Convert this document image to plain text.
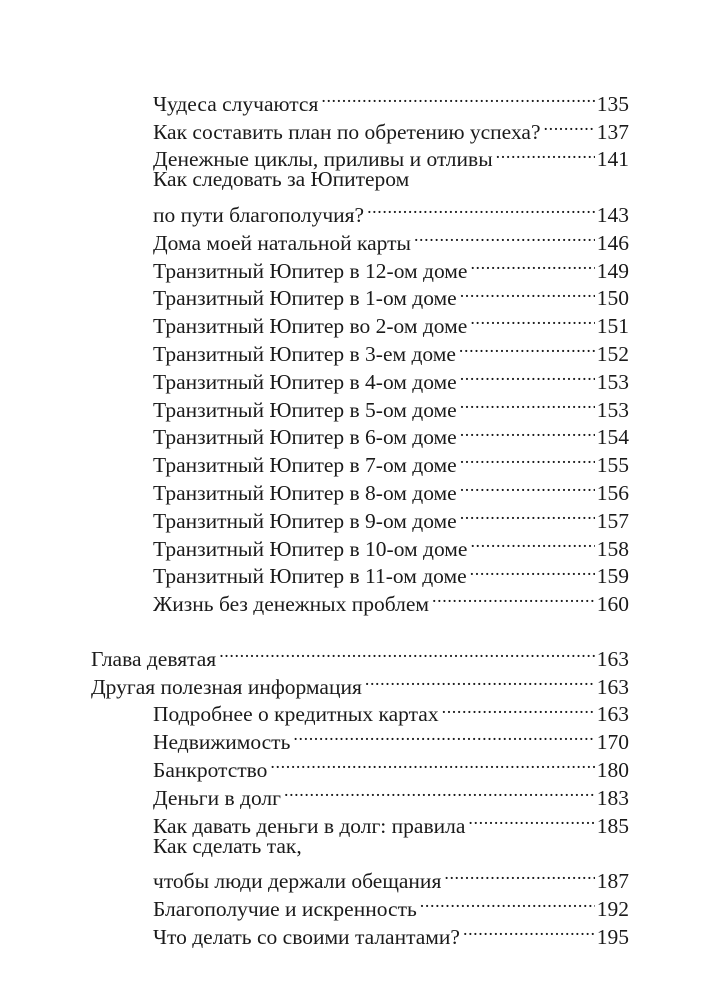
Чудеса случаются .....	135
Как составить план по обретению успеха? .....	137
Денежные циклы, приливы и отливы .....	141
Как следовать за Юпитером
по пути благополучия? .....	143
Дома моей натальной карты .....	146
Транзитный Юпитер в 12-ом доме .....	149
Транзитный Юпитер в 1-ом доме .....	150
Транзитный Юпитер во 2-ом доме .....	151
Транзитный Юпитер в 3-ем доме .....	152
Транзитный Юпитер в 4-ом доме .....	153
Транзитный Юпитер в 5-ом доме .....	153
Транзитный Юпитер в 6-ом доме .....	154
Транзитный Юпитер в 7-ом доме .....	155
Транзитный Юпитер в 8-ом доме .....	156
Транзитный Юпитер в 9-ом доме .....	157
Транзитный Юпитер в 10-ом доме .....	158
Транзитный Юпитер в 11-ом доме .....	159
Жизнь без денежных проблем .....	160
Глава девятая .....	163
Другая полезная информация .....	163
Подробнее о кредитных картах .....	163
Недвижимость .....	170
Банкротство .....	180
Деньги в долг .....	183
Как давать деньги в долг: правила .....	185
Как сделать так,
чтобы люди держали обещания .....	187
Благополучие и искренность .....	192
Что делать со своими талантами? .....	195
